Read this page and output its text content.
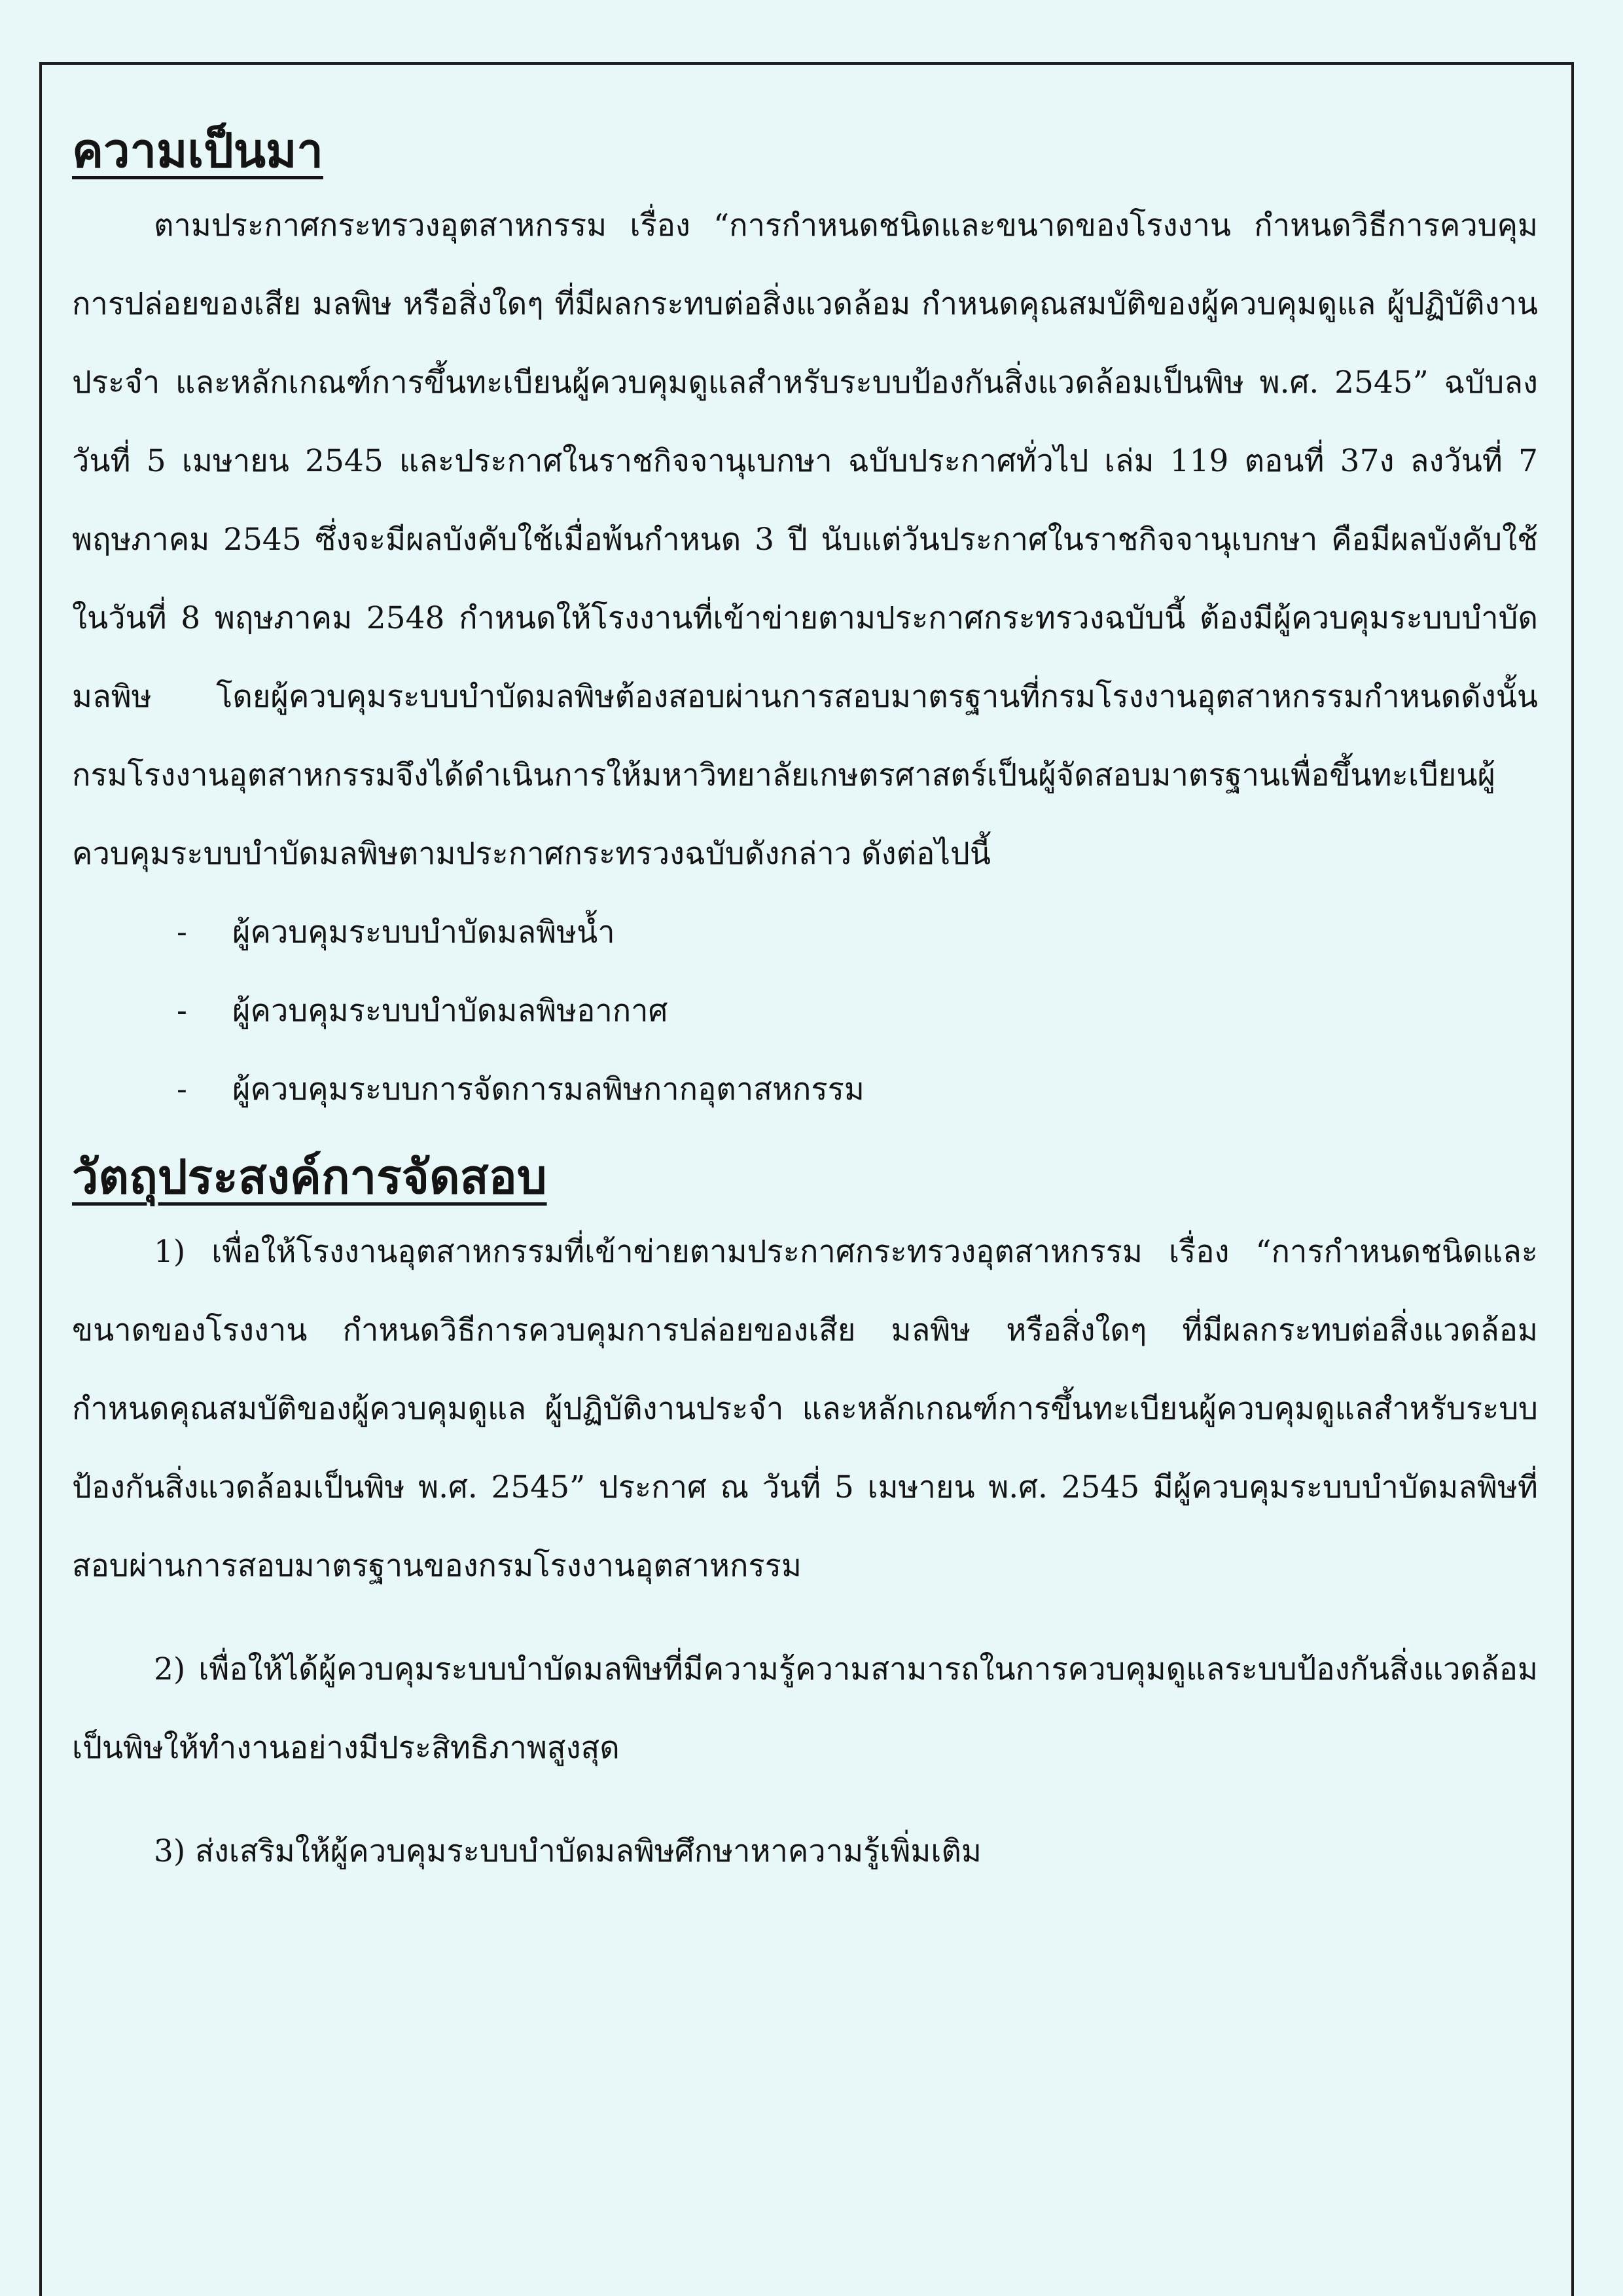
ความเป็นมา

ตามประกาศกระทรวงอุตสาหกรรม เรื่อง “การกำหนดชนิดและขนาดของโรงงาน กำหนดวิธีการควบคุมการปล่อยของเสีย มลพิษ หรือสิ่งใดๆ ที่มีผลกระทบต่อสิ่งแวดล้อม กำหนดคุณสมบัติของผู้ควบคุมดูแล ผู้ปฏิบัติงานประจำ และหลักเกณฑ์การขึ้นทะเบียนผู้ควบคุมดูแลสำหรับระบบป้องกันสิ่งแวดล้อมเป็นพิษ พ.ศ. 2545” ฉบับลงวันที่ 5 เมษายน 2545 และประกาศในราชกิจจานุเบกษา ฉบับประกาศทั่วไป เล่ม 119 ตอนที่ 37ง ลงวันที่ 7 พฤษภาคม 2545 ซึ่งจะมีผลบังคับใช้เมื่อพ้นกำหนด 3 ปี นับแต่วันประกาศในราชกิจจานุเบกษา คือมีผลบังคับใช้ในวันที่ 8 พฤษภาคม 2548 กำหนดให้โรงงานที่เข้าข่ายตามประกาศกระทรวงฉบับนี้ ต้องมีผู้ควบคุมระบบบำบัดมลพิษ โดยผู้ควบคุมระบบบำบัดมลพิษต้องสอบผ่านการสอบมาตรฐานที่กรมโรงงานอุตสาหกรรมกำหนดดังนั้นกรมโรงงานอุตสาหกรรมจึงได้ดำเนินการให้มหาวิทยาลัยเกษตรศาสตร์เป็นผู้จัดสอบมาตรฐานเพื่อขึ้นทะเบียนผู้ควบคุมระบบบำบัดมลพิษตามประกาศกระทรวงฉบับดังกล่าว ดังต่อไปนี้

- ผู้ควบคุมระบบบำบัดมลพิษน้ำ
- ผู้ควบคุมระบบบำบัดมลพิษอากาศ
- ผู้ควบคุมระบบการจัดการมลพิษกากอุตาสหกรรม
วัตถุประสงค์การจัดสอบ

1) เพื่อให้โรงงานอุตสาหกรรมที่เข้าข่ายตามประกาศกระทรวงอุตสาหกรรม เรื่อง “การกำหนดชนิดและขนาดของโรงงาน กำหนดวิธีการควบคุมการปล่อยของเสีย มลพิษ หรือสิ่งใดๆ ที่มีผลกระทบต่อสิ่งแวดล้อม กำหนดคุณสมบัติของผู้ควบคุมดูแล ผู้ปฏิบัติงานประจำ และหลักเกณฑ์การขึ้นทะเบียนผู้ควบคุมดูแลสำหรับระบบป้องกันสิ่งแวดล้อมเป็นพิษ พ.ศ. 2545” ประกาศ ณ วันที่ 5 เมษายน พ.ศ. 2545 มีผู้ควบคุมระบบบำบัดมลพิษที่สอบผ่านการสอบมาตรฐานของกรมโรงงานอุตสาหกรรม

2) เพื่อให้ได้ผู้ควบคุมระบบบำบัดมลพิษที่มีความรู้ความสามารถในการควบคุมดูแลระบบป้องกันสิ่งแวดล้อมเป็นพิษให้ทำงานอย่างมีประสิทธิภาพสูงสุด

3) ส่งเสริมให้ผู้ควบคุมระบบบำบัดมลพิษศึกษาหาความรู้เพิ่มเติม
